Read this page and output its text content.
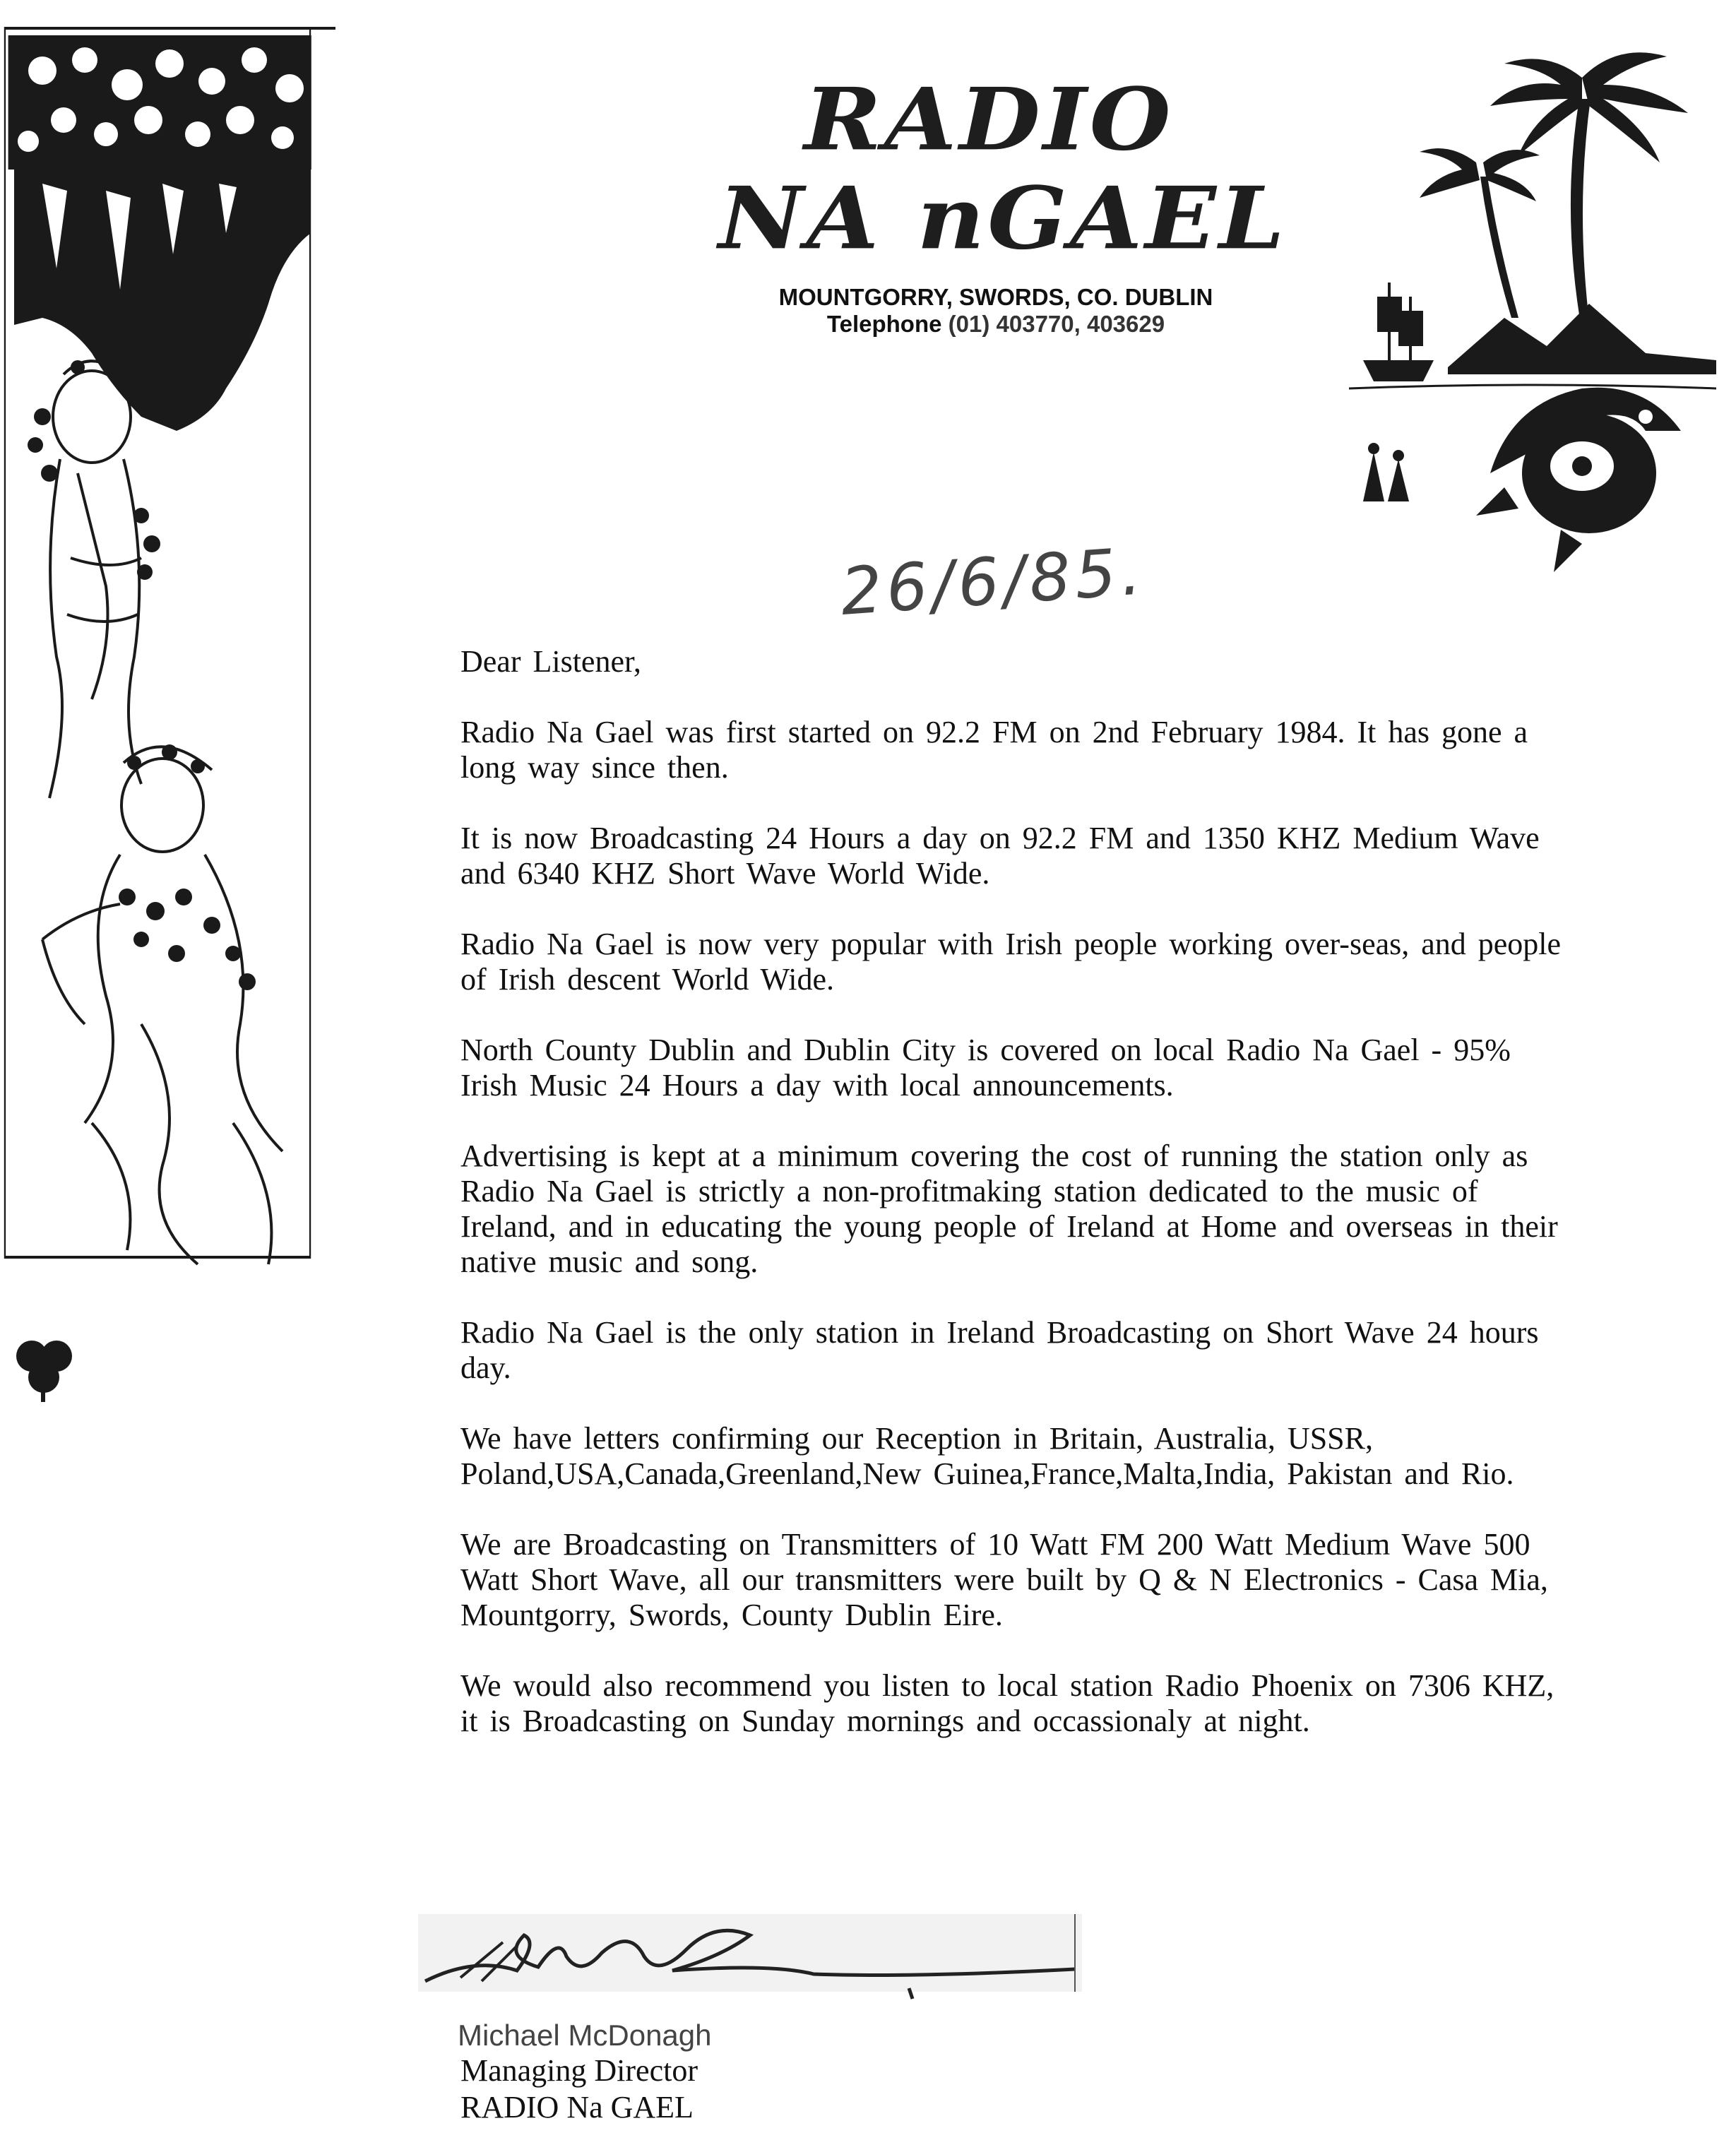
RADIO
NA nGAEL
MOUNTGORRY, SWORDS, CO. DUBLIN
Telephone (01) 403770, 403629
26/6/85.

Dear Listener,

Radio Na Gael was first started on 92.2 FM on 2nd February 1984. It has gone a long way since then.

It is now Broadcasting 24 Hours a day on 92.2 FM and 1350 KHZ Medium Wave and 6340 KHZ Short Wave World Wide.

Radio Na Gael is now very popular with Irish people working over-seas, and people of Irish descent World Wide.

North County Dublin and Dublin City is covered on local Radio Na Gael - 95% Irish Music 24 Hours a day with local announcements.

Advertising is kept at a minimum covering the cost of running the station only as Radio Na Gael is strictly a non-profitmaking station dedicated to the music of Ireland, and in educating the young people of Ireland at Home and overseas in their native music and song.

Radio Na Gael is the only station in Ireland Broadcasting on Short Wave 24 hours day.

We have letters confirming our Reception in Britain, Australia, USSR, Poland,USA,Canada,Greenland,New Guinea,France,Malta,India, Pakistan and Rio.

We are Broadcasting on Transmitters of 10 Watt FM 200 Watt Medium Wave 500 Watt Short Wave, all our transmitters were built by Q & N Electronics - Casa Mia, Mountgorry, Swords, County Dublin Eire.

We would also recommend you listen to local station Radio Phoenix on 7306 KHZ, it is Broadcasting on Sunday mornings and occassionaly at night.

Michael McDonagh
Managing Director
RADIO Na GAEL
